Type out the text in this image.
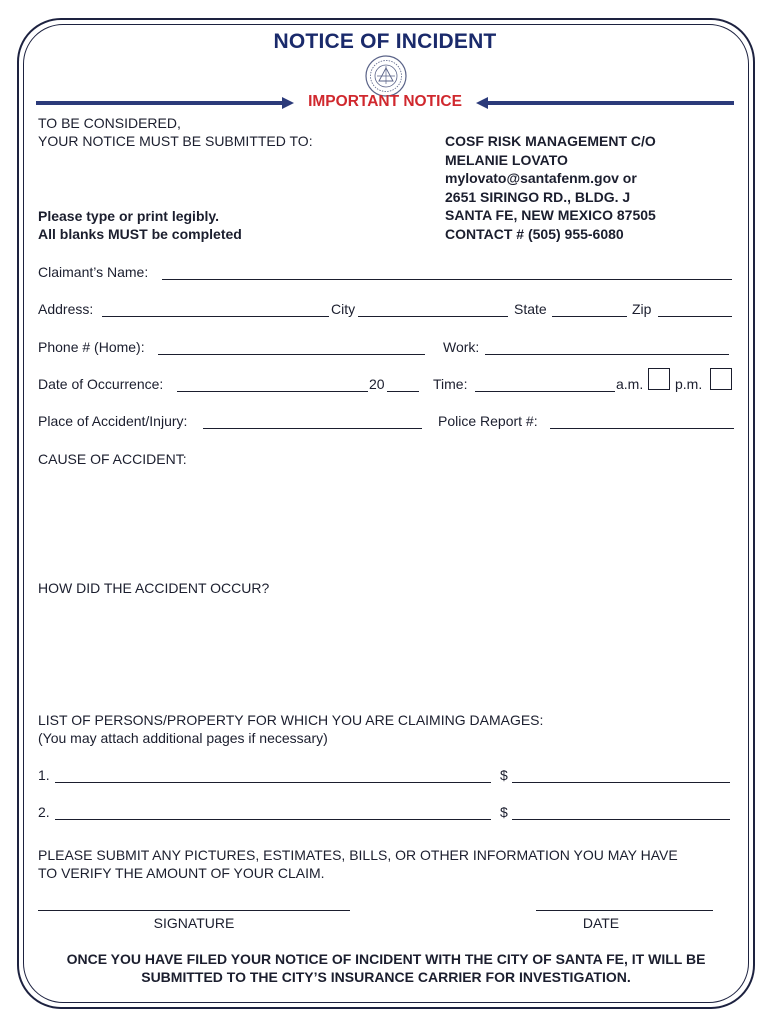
NOTICE OF INCIDENT
IMPORTANT NOTICE
TO BE CONSIDERED,
YOUR NOTICE MUST BE SUBMITTED TO:
Please type or print legibly.
All blanks MUST be completed
COSF RISK MANAGEMENT C/O
MELANIE LOVATO
mylovato@santafenm.gov or
2651 SIRINGO RD., BLDG. J
SANTA FE, NEW MEXICO 87505
CONTACT # (505) 955-6080
Claimant’s Name:
Address:	City	State	Zip
Phone # (Home):	Work:
Date of Occurrence:	20	Time:	a.m. p.m.
Place of Accident/Injury:	Police Report #:
CAUSE OF ACCIDENT:
HOW DID THE ACCIDENT OCCUR?
LIST OF PERSONS/PROPERTY FOR WHICH YOU ARE CLAIMING DAMAGES:
(You may attach additional pages if necessary)
1.	$
2.	$
PLEASE SUBMIT ANY PICTURES, ESTIMATES, BILLS, OR OTHER INFORMATION YOU MAY HAVE
TO VERIFY THE AMOUNT OF YOUR CLAIM.
SIGNATURE	DATE
ONCE YOU HAVE FILED YOUR NOTICE OF INCIDENT WITH THE CITY OF SANTA FE, IT WILL BE
SUBMITTED TO THE CITY’S INSURANCE CARRIER FOR INVESTIGATION.
